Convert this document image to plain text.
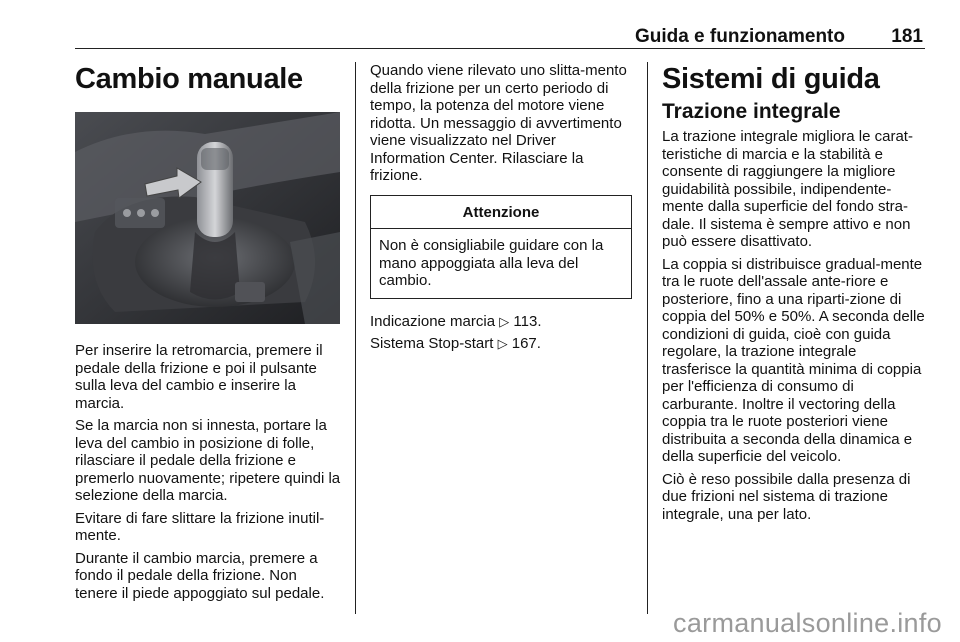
Guida e funzionamento 181
Cambio manuale

Per inserire la retromarcia, premere il pedale della frizione e poi il pulsante sulla leva del cambio e inserire la marcia.

Se la marcia non si innesta, portare la leva del cambio in posizione di folle, rilasciare il pedale della frizione e premerlo nuovamente; ripetere quindi la selezione della marcia.

Evitare di fare slittare la frizione inutil-mente.

Durante il cambio marcia, premere a fondo il pedale della frizione. Non tenere il piede appoggiato sul pedale.

Quando viene rilevato uno slitta-mento della frizione per un certo periodo di tempo, la potenza del motore viene ridotta. Un messaggio di avvertimento viene visualizzato nel Driver Information Center. Rilasciare la frizione.

Attenzione
Non è consigliabile guidare con la mano appoggiata alla leva del cambio.

Indicazione marcia ▷ 113.

Sistema Stop-start ▷ 167.

Sistemi di guida
Trazione integrale

La trazione integrale migliora le carat-teristiche di marcia e la stabilità e consente di raggiungere la migliore guidabilità possibile, indipendente-mente dalla superficie del fondo stra-dale. Il sistema è sempre attivo e non può essere disattivato.

La coppia si distribuisce gradual-mente tra le ruote dell'assale ante-riore e posteriore, fino a una riparti-zione di coppia del 50% e 50%. A seconda delle condizioni di guida, cioè con guida regolare, la trazione integrale trasferisce la quantità minima di coppia per l'efficienza di consumo di carburante. Inoltre il vectoring della coppia tra le ruote posteriori viene distribuita a seconda della dinamica e della superficie del veicolo.

Ciò è reso possibile dalla presenza di due frizioni nel sistema di trazione integrale, una per lato.

carmanualsonline.info
